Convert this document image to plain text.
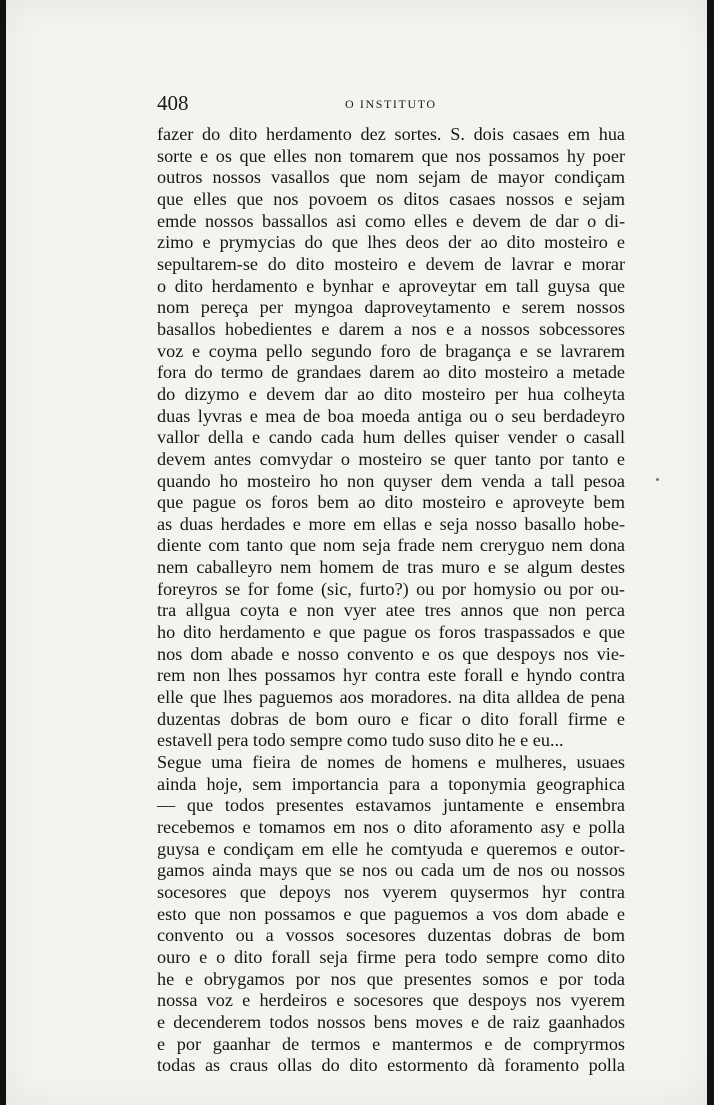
408	O INSTITUTO
fazer do dito herdamento dez sortes. S. dois casaes em hua
sorte e os que elles non tomarem que nos possamos hy poer
outros nossos vasallos que nom sejam de mayor condiçam
que elles que nos povoem os ditos casaes nossos e sejam
emde nossos bassallos asi como elles e devem de dar o di-
zimo e prymycias do que lhes deos der ao dito mosteiro e
sepultarem-se do dito mosteiro e devem de lavrar e morar
o dito herdamento e bynhar e aproveytar em tall guysa que
nom pereça per myngoa daproveytamento e serem nossos
basallos hobedientes e darem a nos e a nossos sobcessores
voz e coyma pello segundo foro de bragança e se lavrarem
fora do termo de grandaes darem ao dito mosteiro a metade
do dizymo e devem dar ao dito mosteiro per hua colheyta
duas lyvras e mea de boa moeda antiga ou o seu berdadeyro
vallor della e cando cada hum delles quiser vender o casall
devem antes comvydar o mosteiro se quer tanto por tanto e
quando ho mosteiro ho non quyser dem venda a tall pesoa
que pague os foros bem ao dito mosteiro e aproveyte bem
as duas herdades e more em ellas e seja nosso basallo hobe-
diente com tanto que nom seja frade nem creryguo nem dona
nem caballeyro nem homem de tras muro e se algum destes
foreyros se for fome (sic, furto?) ou por homysio ou por ou-
tra allgua coyta e non vyer atee tres annos que non perca
ho dito herdamento e que pague os foros traspassados e que
nos dom abade e nosso convento e os que despoys nos vie-
rem non lhes possamos hyr contra este forall e hyndo contra
elle que lhes paguemos aos moradores. na dita alldea de pena
duzentas dobras de bom ouro e ficar o dito forall firme e
estavell pera todo sempre como tudo suso dito he e eu...
Segue uma fieira de nomes de homens e mulheres, usuaes
ainda hoje, sem importancia para a toponymia geographica
— que todos presentes estavamos juntamente e ensembra
recebemos e tomamos em nos o dito aforamento asy e polla
guysa e condiçam em elle he comtyuda e queremos e outor-
gamos ainda mays que se nos ou cada um de nos ou nossos
socesores que depoys nos vyerem quysermos hyr contra
esto que non possamos e que paguemos a vos dom abade e
convento ou a vossos socesores duzentas dobras de bom
ouro e o dito forall seja firme pera todo sempre como dito
he e obrygamos por nos que presentes somos e por toda
nossa voz e herdeiros e socesores que despoys nos vyerem
e decenderem todos nossos bens moves e de raiz gaanhados
e por gaanhar de termos e mantermos e de compryrmos
todas as craus ollas do dito estormento dà foramento polla
